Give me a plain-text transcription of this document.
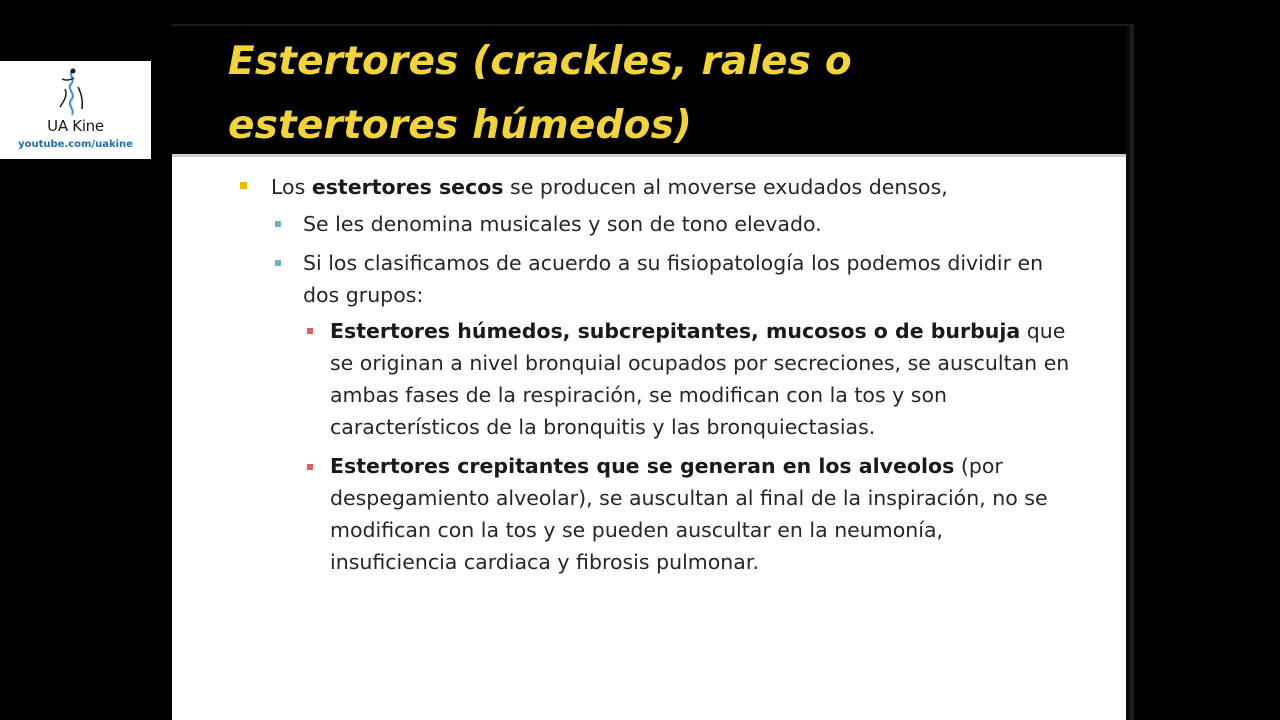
UA Kine
youtube.com/uakine
Estertores (crackles, rales o estertores húmedos)
Los estertores secos se producen al moverse exudados densos,
Se les denomina musicales y son de tono elevado.
Si los clasificamos de acuerdo a su fisiopatología los podemos dividir en dos grupos:
Estertores húmedos, subcrepitantes, mucosos o de burbuja que se originan a nivel bronquial ocupados por secreciones, se auscultan en ambas fases de la respiración, se modifican con la tos y son característicos de la bronquitis y las bronquiectasias.
Estertores crepitantes que se generan en los alveolos (por despegamiento alveolar), se auscultan al final de la inspiración, no se modifican con la tos y se pueden auscultar en la neumonía, insuficiencia cardiaca y fibrosis pulmonar.
